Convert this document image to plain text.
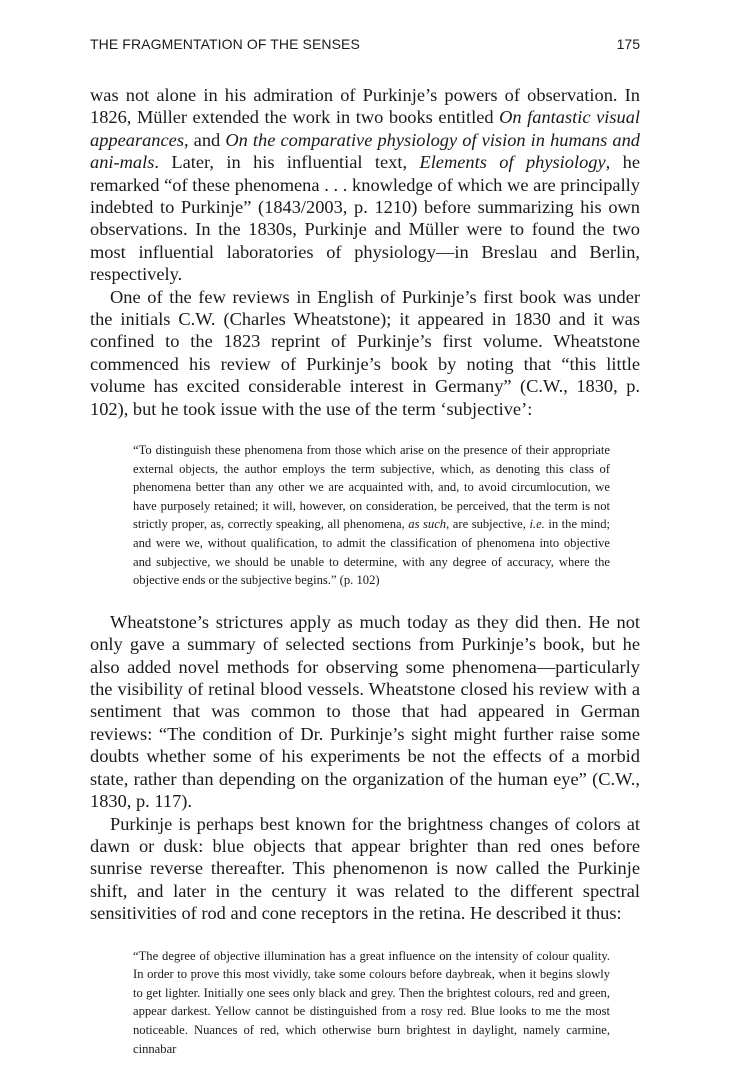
THE FRAGMENTATION OF THE SENSES	175

was not alone in his admiration of Purkinje’s powers of observation. In 1826, Müller extended the work in two books entitled On fantastic visual appearances, and On the comparative physiology of vision in humans and ani-mals. Later, in his influential text, Elements of physiology, he remarked “of these phenomena . . . knowledge of which we are principally indebted to Purkinje” (1843/2003, p. 1210) before summarizing his own observations. In the 1830s, Purkinje and Müller were to found the two most influential laboratories of physiology—in Breslau and Berlin, respectively.

One of the few reviews in English of Purkinje’s first book was under the initials C.W. (Charles Wheatstone); it appeared in 1830 and it was confined to the 1823 reprint of Purkinje’s first volume. Wheatstone commenced his review of Purkinje’s book by noting that “this little volume has excited considerable interest in Germany” (C.W., 1830, p. 102), but he took issue with the use of the term ‘subjective’:

“To distinguish these phenomena from those which arise on the presence of their appropriate external objects, the author employs the term subjective, which, as denoting this class of phenomena better than any other we are acquainted with, and, to avoid circumlocution, we have purposely retained; it will, however, on consideration, be perceived, that the term is not strictly proper, as, correctly speaking, all phenomena, as such, are subjective, i.e. in the mind; and were we, without qualification, to admit the classification of phenomena into objective and subjective, we should be unable to determine, with any degree of accuracy, where the objective ends or the subjective begins.” (p. 102)

Wheatstone’s strictures apply as much today as they did then. He not only gave a summary of selected sections from Purkinje’s book, but he also added novel methods for observing some phenomena—particularly the visibility of retinal blood vessels. Wheatstone closed his review with a sentiment that was common to those that had appeared in German reviews: “The condition of Dr. Purkinje’s sight might further raise some doubts whether some of his experiments be not the effects of a morbid state, rather than depending on the organization of the human eye” (C.W., 1830, p. 117).

Purkinje is perhaps best known for the brightness changes of colors at dawn or dusk: blue objects that appear brighter than red ones before sunrise reverse thereafter. This phenomenon is now called the Purkinje shift, and later in the century it was related to the different spectral sensitivities of rod and cone receptors in the retina. He described it thus:

“The degree of objective illumination has a great influence on the intensity of colour quality. In order to prove this most vividly, take some colours before daybreak, when it begins slowly to get lighter. Initially one sees only black and grey. Then the brightest colours, red and green, appear darkest. Yellow cannot be distinguished from a rosy red. Blue looks to me the most noticeable. Nuances of red, which otherwise burn brightest in daylight, namely carmine, cinnabar
